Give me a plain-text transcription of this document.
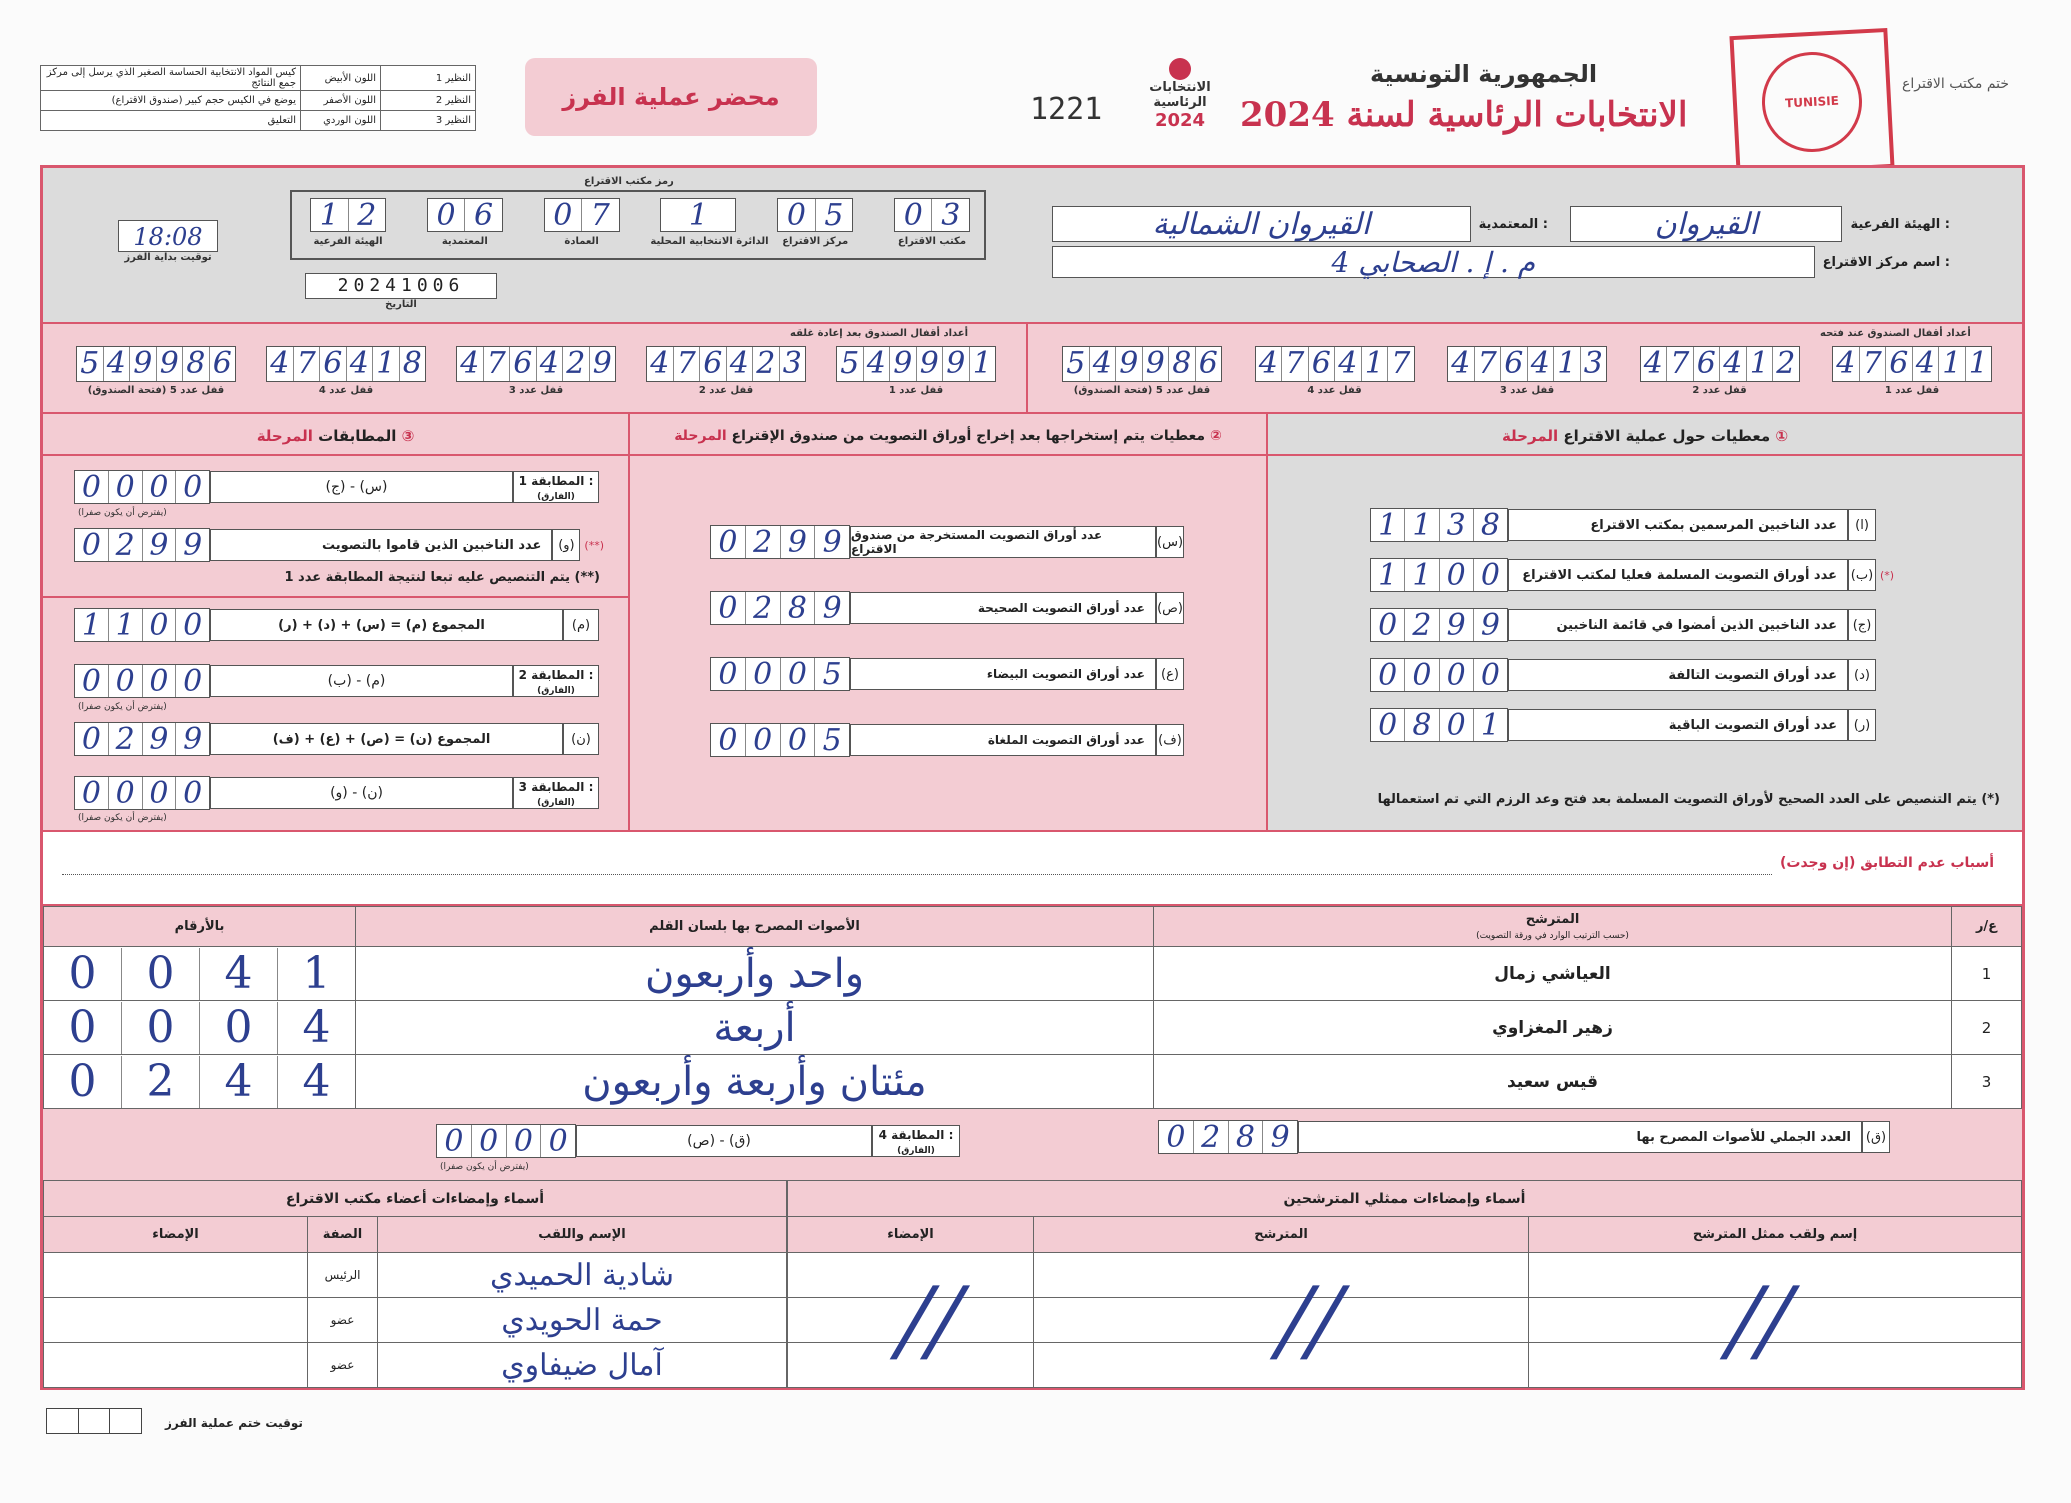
كيس المواد الانتخابية الحساسة الصغير الذي يرسل إلى مركز جمع النتائج	اللون الأبيض	النظير 1
يوضع في الكيس حجم كبير (صندوق الاقتراع)	اللون الأصفر	النظير 2
التعليق	اللون الوردي	النظير 3
محضر عملية الفرز	1221
الانتخابات
الرئاسية
2024
الجمهورية التونسية
الانتخابات الرئاسية لسنة 2024	TUNISIE
ختم مكتب الاقتراع
القيروان	الهيئة الفرعية :
القيروان الشمالية	المعتمدية :
م . إ . الصحابي 4	اسم مركز الاقتراع :
رمز مكتب الاقتراع
0 3
مكتب الاقتراع
0 5
مركز الاقتراع
1
الدائرة الانتخابية المحلية
0 7
العمادة
0 6
المعتمدية
1 2
الهيئة الفرعية
20241006
التاريخ
18:08
توقيت بداية الفرز
أعداد أقفال الصندوق عند فتحه
4 7 6 4 1 1
قفل عدد 1
4 7 6 4 1 2
قفل عدد 2
4 7 6 4 1 3
قفل عدد 3
4 7 6 4 1 7
قفل عدد 4
5 4 9 9 8 6
قفل عدد 5 (فتحة الصندوق)
أعداد أقفال الصندوق بعد إعادة غلقه
5 4 9 9 9 1
قفل عدد 1
4 7 6 4 2 3
قفل عدد 2
4 7 6 4 2 9
قفل عدد 3
4 7 6 4 1 8
قفل عدد 4
5 4 9 9 8 6
قفل عدد 5 (فتحة الصندوق)
معطيات حول عملية الاقتراع المرحلة ①
معطيات يتم إستخراجها بعد إخراج أوراق التصويت من صندوق الإقتراع المرحلة ②
المطابقات المرحلة ③
1 1 3 8	عدد الناخبين المرسمين بمكتب الاقتراع	(ا)
1 1 0 0	عدد أوراق التصويت المسلمة فعليا لمكتب الاقتراع	(ب) (*)
0 2 9 9	عدد الناخبين الذين أمضوا في قائمة الناخبين	(ج)
0 0 0 0	عدد أوراق التصويت التالفة	(د)
0 8 0 1	عدد أوراق التصويت الباقية	(ر)
(*) يتم التنصيص على العدد الصحيح لأوراق التصويت المسلمة بعد فتح وعد الرزم التي تم استعمالها
0 2 9 9 عدد أوراق التصويت المستخرجة من صندوق الاقتراع	(س)
0 2 8 9	عدد أوراق التصويت الصحيحة (ص)
0 0 0 5	عدد أوراق التصويت البيضاء	(ع)
0 0 0 5	عدد أوراق التصويت الملغاة	(ف)
0 0 0 0	(ج) - (س)	المطابقة 1 :
(الفارق)
(يفترض أن يكون صفرا)
0 2 9 9	عدد الناخبين الذين قاموا بالتصويت	(و) (**)
(**) يتم التنصيص عليه تبعا لنتيجة المطابقة عدد 1
1 1 0 0	المجموع (م) = (س) + (د) + (ر)	(م)
0 0 0 0	(ب) - (م)	المطابقة 2 :
(الفارق)
(يفترض أن يكون صفرا)
0 2 9 9	المجموع (ن) = (ص) + (ع) + (ف)	(ن)
0 0 0 0	(و) - (ن)	المطابقة 3 :
(الفارق)
(يفترض أن يكون صفرا)
أسباب عدم التطابق (إن وجدت)
بالأرقام	الأصوات المصرح بها بلسان القلم	المترشح
(حسب الترتيب الوارد في ورقة التصويت)	ع/ر

0 0 4 1	واحد وأربعون	العياشي زمال	1

0 0 0 4	أربعة	زهير المغزاوي	2

0 2 4 4	مئتان وأربعة وأربعون	قيس سعيد	3
0 2 8 9	العدد الجملي للأصوات المصرح بها	(ق)
0 0 0 0	(ص) - (ق)	المطابقة 4 :
(الفارق)
(يفترض أن يكون صفرا)
أسماء وإمضاءات ممثلي المترشحين		
الإمضاء	المترشح	إسم ولقب ممثل المترشح

//	//	//
أسماء وإمضاءات أعضاء مكتب الاقتراع		
الإمضاء	الصفة	الإسم واللقب
	الرئيس	شادية الحميدي
	عضو	حمة الحويدي
	عضو	آمال ضيفاوي
توقيت ختم عملية الفرز
